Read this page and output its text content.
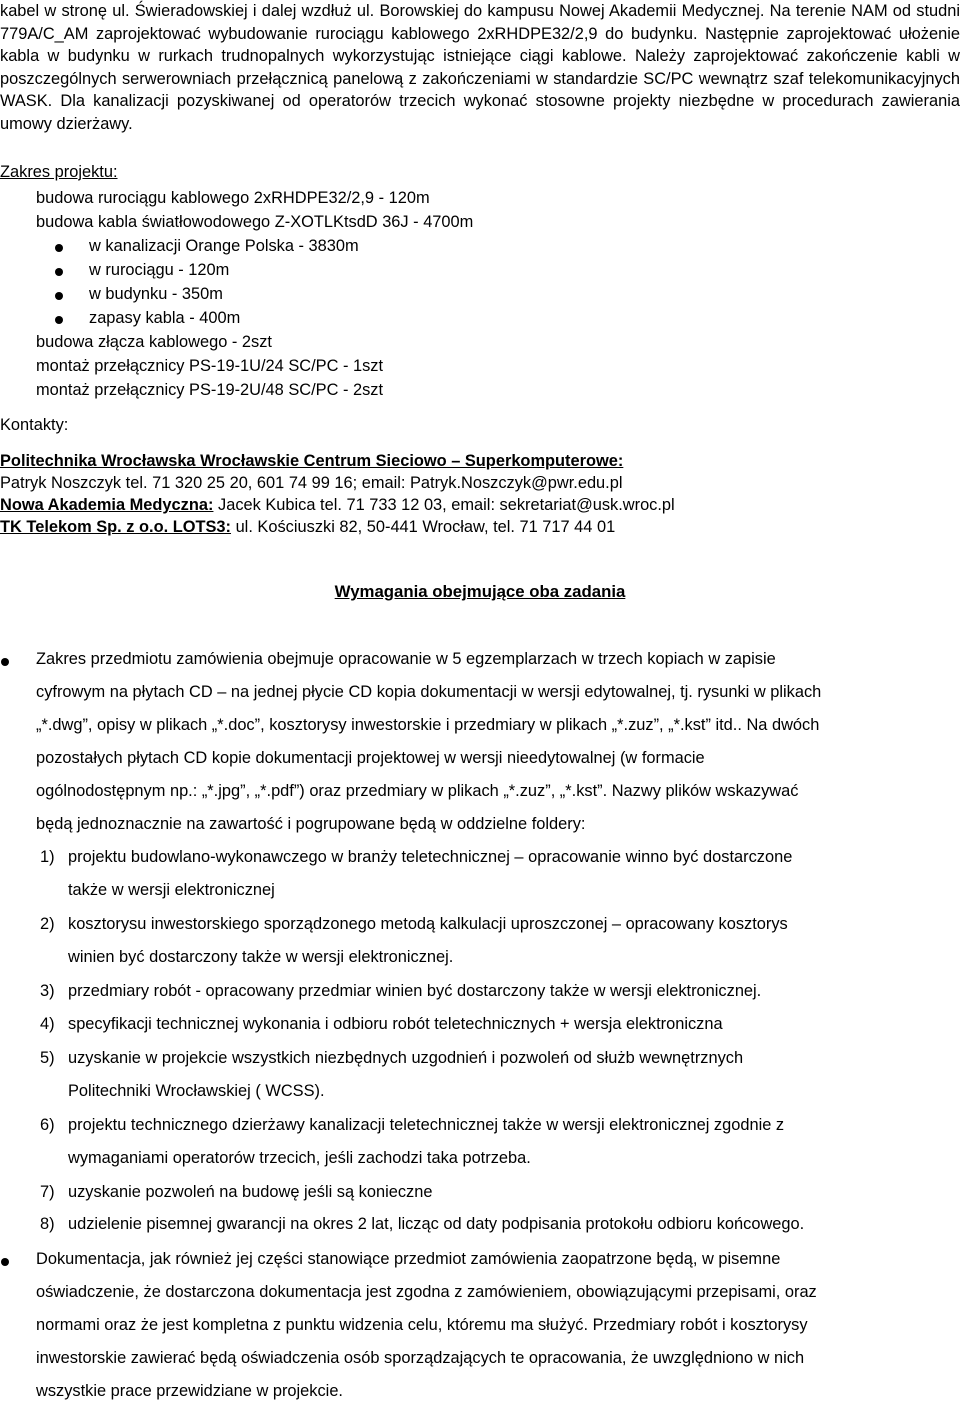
kabel w stronę ul. Świeradowskiej i dalej wzdłuż ul. Borowskiej do kampusu Nowej Akademii Medycznej. Na terenie NAM od studni 779A/C_AM zaprojektować wybudowanie rurociągu kablowego 2xRHDPE32/2,9 do budynku. Następnie zaprojektować ułożenie kabla w budynku w rurkach trudnopalnych wykorzystując istniejące ciągi kablowe. Należy zaprojektować zakończenie kabli w poszczególnych serwerowniach przełącznicą panelową z zakończeniami w standardzie SC/PC wewnątrz szaf telekomunikacyjnych WASK. Dla kanalizacji pozyskiwanej od operatorów trzecich wykonać stosowne projekty niezbędne w procedurach zawierania umowy dzierżawy.

Zakres projektu:
budowa rurociągu kablowego 2xRHDPE32/2,9 - 120m
budowa kabla światłowodowego Z-XOTLKtsdD 36J - 4700m
w kanalizacji Orange Polska - 3830m
w rurociągu - 120m
w budynku - 350m
zapasy kabla - 400m
budowa złącza kablowego - 2szt
montaż przełącznicy PS-19-1U/24 SC/PC - 1szt
montaż przełącznicy PS-19-2U/48 SC/PC - 2szt
Kontakty:
Politechnika Wrocławska Wrocławskie Centrum Sieciowo – Superkomputerowe:
Patryk Noszczyk tel. 71 320 25 20, 601 74 99 16; email: Patryk.Noszczyk@pwr.edu.pl
Nowa Akademia Medyczna: Jacek Kubica tel. 71 733 12 03, email: sekretariat@usk.wroc.pl
TK Telekom Sp. z o.o. LOTS3: ul. Kościuszki 82, 50-441 Wrocław, tel. 71 717 44 01
Wymagania obejmujące oba zadania
Zakres przedmiotu zamówienia obejmuje opracowanie w 5 egzemplarzach w trzech kopiach w zapisie
cyfrowym na płytach CD – na jednej płycie CD kopia dokumentacji w wersji edytowalnej, tj. rysunki w plikach
„*.dwg”, opisy w plikach „*.doc”, kosztorysy inwestorskie i przedmiary w plikach „*.zuz”, „*.kst” itd.. Na dwóch
pozostałych płytach CD kopie dokumentacji projektowej w wersji nieedytowalnej (w formacie
ogólnodostępnym np.: „*.jpg”, „*.pdf”) oraz przedmiary w plikach „*.zuz”, „*.kst”. Nazwy plików wskazywać
będą jednoznacznie na zawartość i pogrupowane będą w oddzielne foldery:
1) projektu budowlano-wykonawczego w branży teletechnicznej – opracowanie winno być dostarczone
także w wersji elektronicznej
2) kosztorysu inwestorskiego sporządzonego metodą kalkulacji uproszczonej – opracowany kosztorys
winien być dostarczony także w wersji elektronicznej.
3) przedmiary robót - opracowany przedmiar winien być dostarczony także w wersji elektronicznej.
4) specyfikacji technicznej wykonania i odbioru robót teletechnicznych + wersja elektroniczna
5) uzyskanie w projekcie wszystkich niezbędnych uzgodnień i pozwoleń od służb wewnętrznych
Politechniki Wrocławskiej ( WCSS).
6) projektu technicznego dzierżawy kanalizacji teletechnicznej także w wersji elektronicznej zgodnie z
wymaganiami operatorów trzecich, jeśli zachodzi taka potrzeba.
7) uzyskanie pozwoleń na budowę jeśli są konieczne
8) udzielenie pisemnej gwarancji na okres 2 lat, licząc od daty podpisania protokołu odbioru końcowego.
Dokumentacja, jak również jej części stanowiące przedmiot zamówienia zaopatrzone będą, w pisemne
oświadczenie, że dostarczona dokumentacja jest zgodna z zamówieniem, obowiązującymi przepisami, oraz
normami oraz że jest kompletna z punktu widzenia celu, któremu ma służyć. Przedmiary robót i kosztorysy
inwestorskie zawierać będą oświadczenia osób sporządzających te opracowania, że uwzględniono w nich
wszystkie prace przewidziane w projekcie.
